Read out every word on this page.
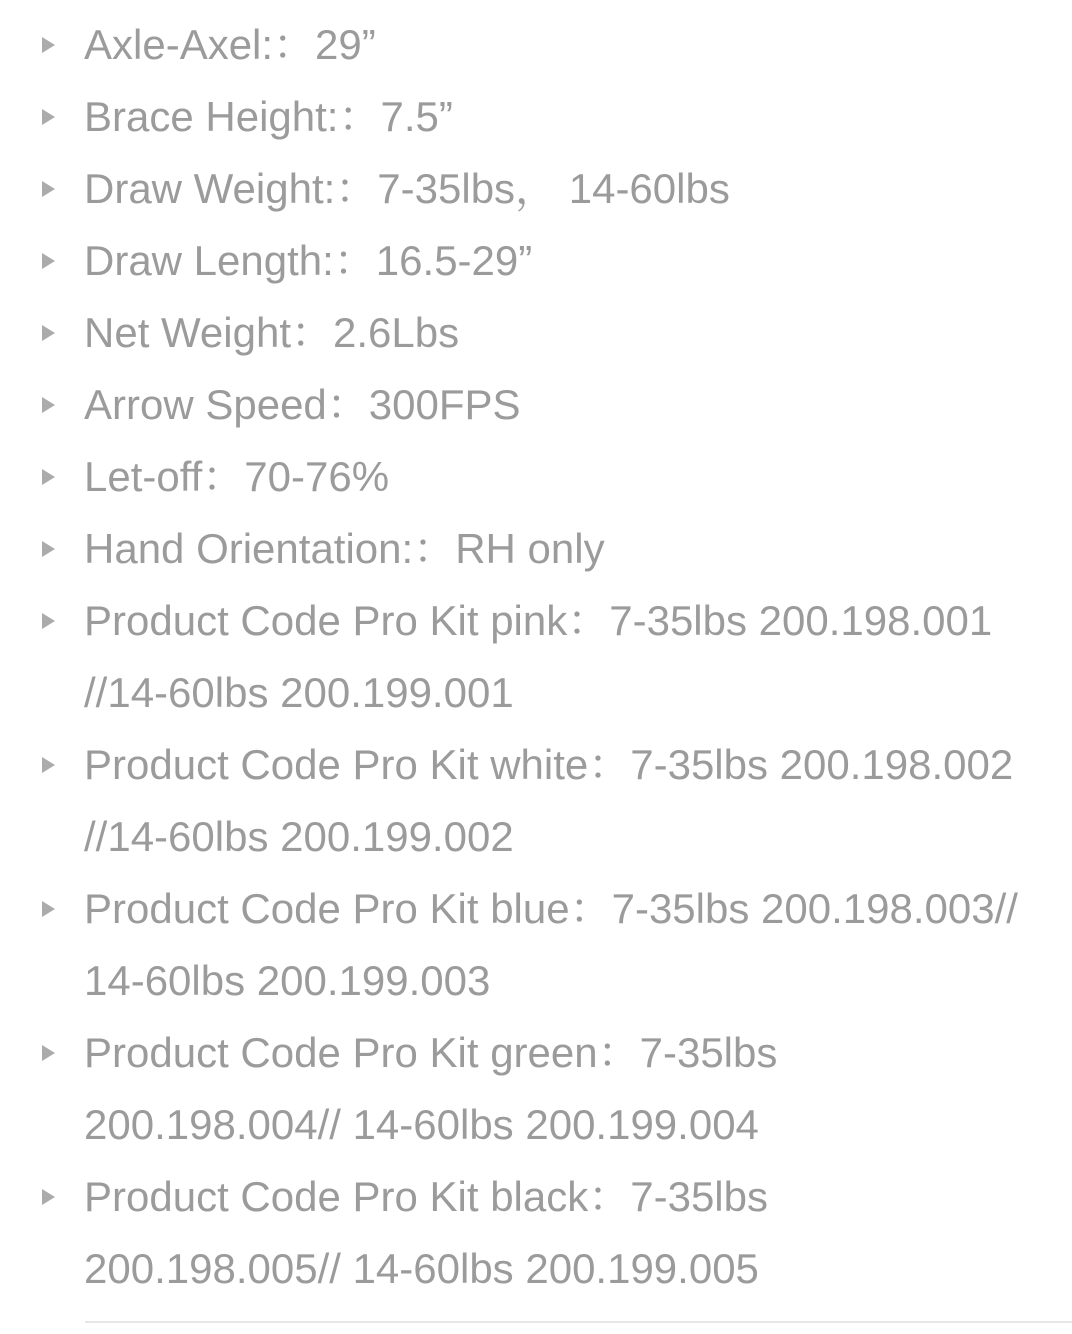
Axle-Axel:：29”
Brace Height:：7.5”
Draw Weight:：7-35lbs， 14-60lbs
Draw Length:：16.5-29”
Net Weight：2.6Lbs
Arrow Speed：300FPS
Let-off：70-76%
Hand Orientation:：RH only
Product Code Pro Kit pink：7-35lbs 200.198.001
//14-60lbs 200.199.001
Product Code Pro Kit white：7-35lbs 200.198.002
//14-60lbs 200.199.002
Product Code Pro Kit blue：7-35lbs 200.198.003//
14-60lbs 200.199.003
Product Code Pro Kit green：7-35lbs
200.198.004// 14-60lbs 200.199.004
Product Code Pro Kit black：7-35lbs
200.198.005// 14-60lbs 200.199.005
